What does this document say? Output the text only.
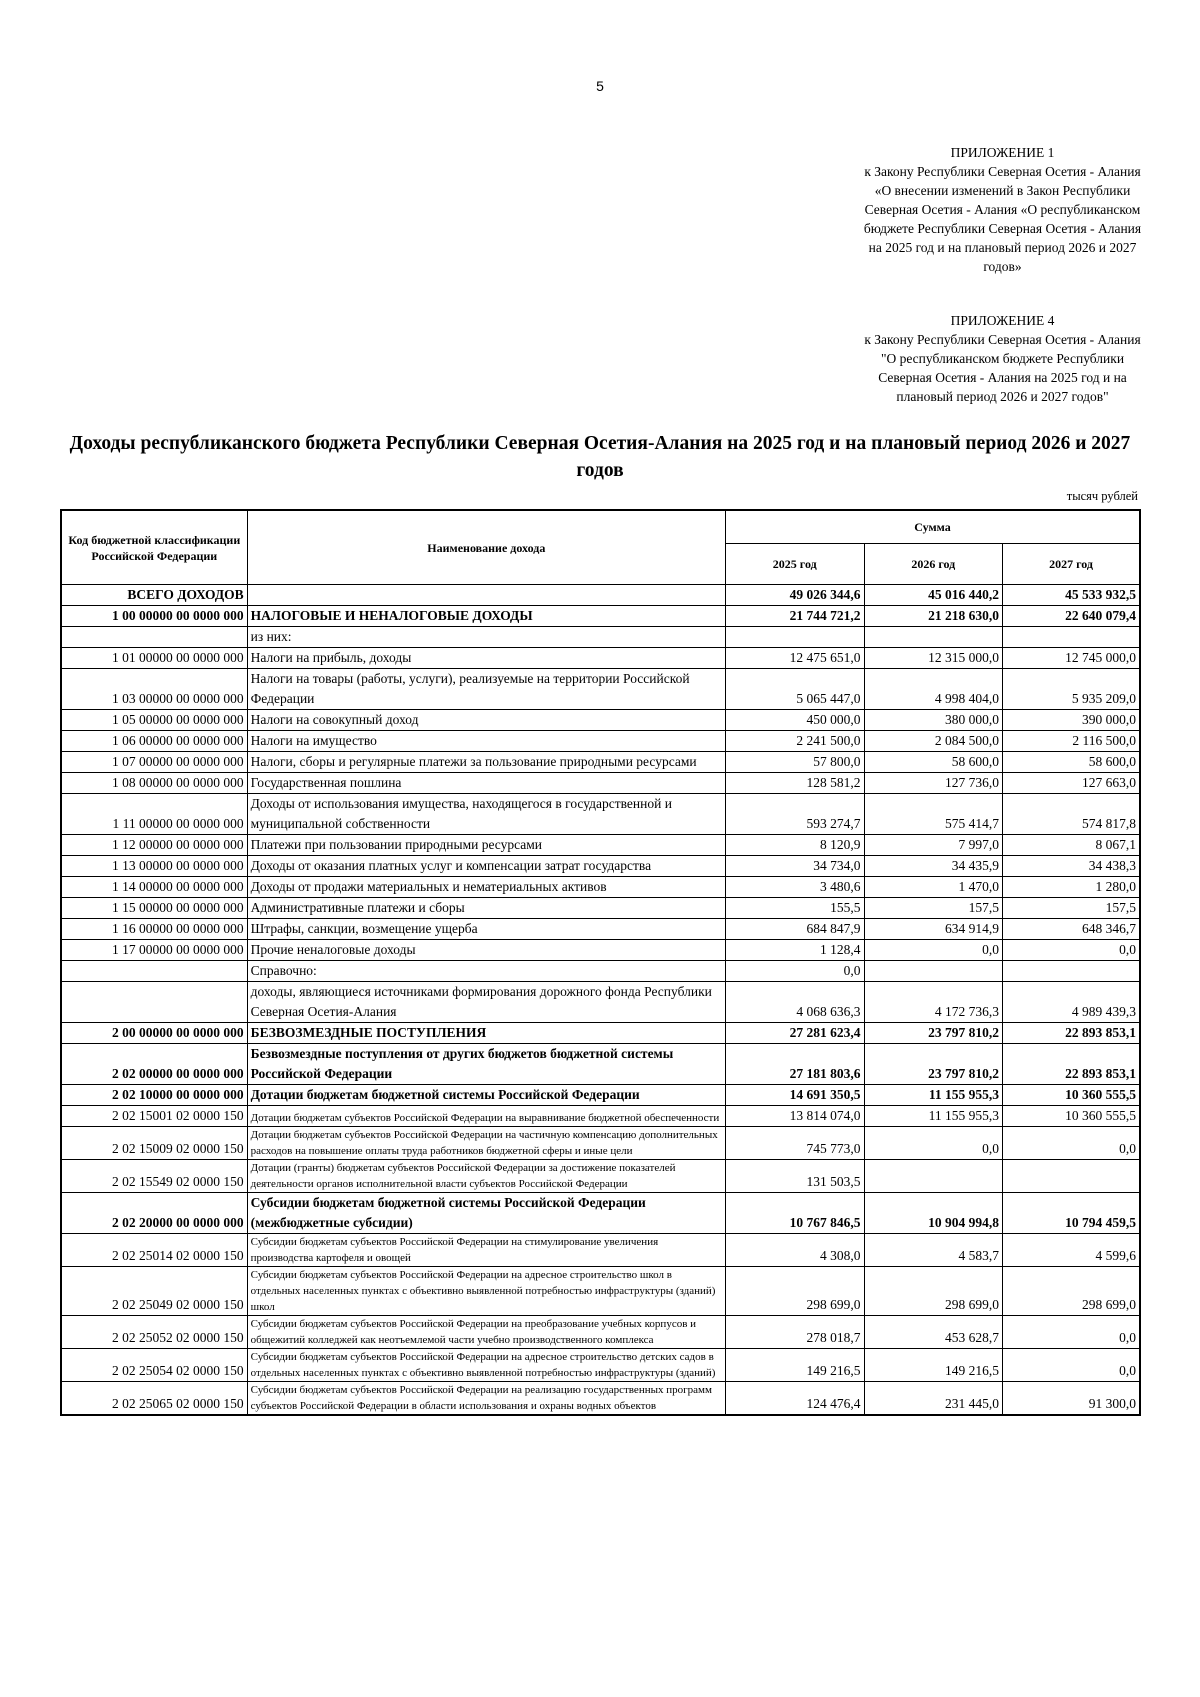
5
ПРИЛОЖЕНИЕ 1
к Закону Республики Северная Осетия - Алания «О внесении изменений в Закон Республики Северная Осетия - Алания «О республиканском бюджете Республики Северная Осетия - Алания на 2025 год и на плановый период 2026 и 2027 годов»
ПРИЛОЖЕНИЕ 4
к Закону Республики Северная Осетия - Алания "О республиканском бюджете Республики Северная Осетия - Алания на 2025 год и на плановый период 2026 и 2027 годов"
Доходы республиканского бюджета Республики Северная Осетия-Алания на 2025 год и на плановый период 2026 и 2027 годов
тысяч рублей
Код бюджетной классификации Российской Федерации	Наименование дохода	Сумма		
		2025 год	2026 год	2027 год
ВСЕГО ДОХОДОВ		49 026 344,6	45 016 440,2	45 533 932,5
1 00 00000 00 0000 000	НАЛОГОВЫЕ И НЕНАЛОГОВЫЕ ДОХОДЫ	21 744 721,2	21 218 630,0	22 640 079,4
	из них:			
1 01 00000 00 0000 000	Налоги на прибыль, доходы	12 475 651,0	12 315 000,0	12 745 000,0
1 03 00000 00 0000 000	Налоги на товары (работы, услуги), реализуемые на территории Российской Федерации	5 065 447,0	4 998 404,0	5 935 209,0
1 05 00000 00 0000 000	Налоги на совокупный доход	450 000,0	380 000,0	390 000,0
1 06 00000 00 0000 000	Налоги на имущество	2 241 500,0	2 084 500,0	2 116 500,0
1 07 00000 00 0000 000	Налоги, сборы и регулярные платежи за пользование природными ресурсами	57 800,0	58 600,0	58 600,0
1 08 00000 00 0000 000	Государственная пошлина	128 581,2	127 736,0	127 663,0
1 11 00000 00 0000 000	Доходы от использования имущества, находящегося в государственной и муниципальной собственности	593 274,7	575 414,7	574 817,8
1 12 00000 00 0000 000	Платежи при пользовании природными ресурсами	8 120,9	7 997,0	8 067,1
1 13 00000 00 0000 000	Доходы от оказания платных услуг и компенсации затрат государства	34 734,0	34 435,9	34 438,3
1 14 00000 00 0000 000	Доходы от продажи материальных и нематериальных активов	3 480,6	1 470,0	1 280,0
1 15 00000 00 0000 000	Административные платежи и сборы	155,5	157,5	157,5
1 16 00000 00 0000 000	Штрафы, санкции, возмещение ущерба	684 847,9	634 914,9	648 346,7
1 17 00000 00 0000 000	Прочие неналоговые доходы	1 128,4	0,0	0,0
	Справочно:	0,0		
	доходы, являющиеся источниками формирования дорожного фонда Республики Северная Осетия-Алания	4 068 636,3	4 172 736,3	4 989 439,3
2 00 00000 00 0000 000	БЕЗВОЗМЕЗДНЫЕ ПОСТУПЛЕНИЯ	27 281 623,4	23 797 810,2	22 893 853,1
2 02 00000 00 0000 000	Безвозмездные поступления от других бюджетов бюджетной системы Российской Федерации	27 181 803,6	23 797 810,2	22 893 853,1
2 02 10000 00 0000 000	Дотации бюджетам бюджетной системы Российской Федерации	14 691 350,5	11 155 955,3	10 360 555,5
2 02 15001 02 0000 150	Дотации бюджетам субъектов Российской Федерации на выравнивание бюджетной обеспеченности	13 814 074,0	11 155 955,3	10 360 555,5
2 02 15009 02 0000 150	Дотации бюджетам субъектов Российской Федерации на частичную компенсацию дополнительных расходов на повышение оплаты труда работников бюджетной сферы и иные цели	745 773,0	0,0	0,0
2 02 15549 02 0000 150	Дотации (гранты) бюджетам субъектов Российской Федерации за достижение показателей деятельности органов исполнительной власти субъектов Российской Федерации	131 503,5		
2 02 20000 00 0000 000	Субсидии бюджетам бюджетной системы Российской Федерации (межбюджетные субсидии)	10 767 846,5	10 904 994,8	10 794 459,5
2 02 25014 02 0000 150	Субсидии бюджетам субъектов Российской Федерации на стимулирование увеличения производства картофеля и овощей	4 308,0	4 583,7	4 599,6
2 02 25049 02 0000 150	Субсидии бюджетам субъектов Российской Федерации на адресное строительство школ в отдельных населенных пунктах с объективно выявленной потребностью инфраструктуры (зданий) школ	298 699,0	298 699,0	298 699,0
2 02 25052 02 0000 150	Субсидии бюджетам субъектов Российской Федерации на преобразование учебных корпусов и общежитий колледжей как неотъемлемой части учебно производственного комплекса	278 018,7	453 628,7	0,0
2 02 25054 02 0000 150	Субсидии бюджетам субъектов Российской Федерации на адресное строительство детских садов в отдельных населенных пунктах с объективно выявленной потребностью инфраструктуры (зданий)	149 216,5	149 216,5	0,0
2 02 25065 02 0000 150	Субсидии бюджетам субъектов Российской Федерации на реализацию государственных программ субъектов Российской Федерации в области использования и охраны водных объектов	124 476,4	231 445,0	91 300,0
